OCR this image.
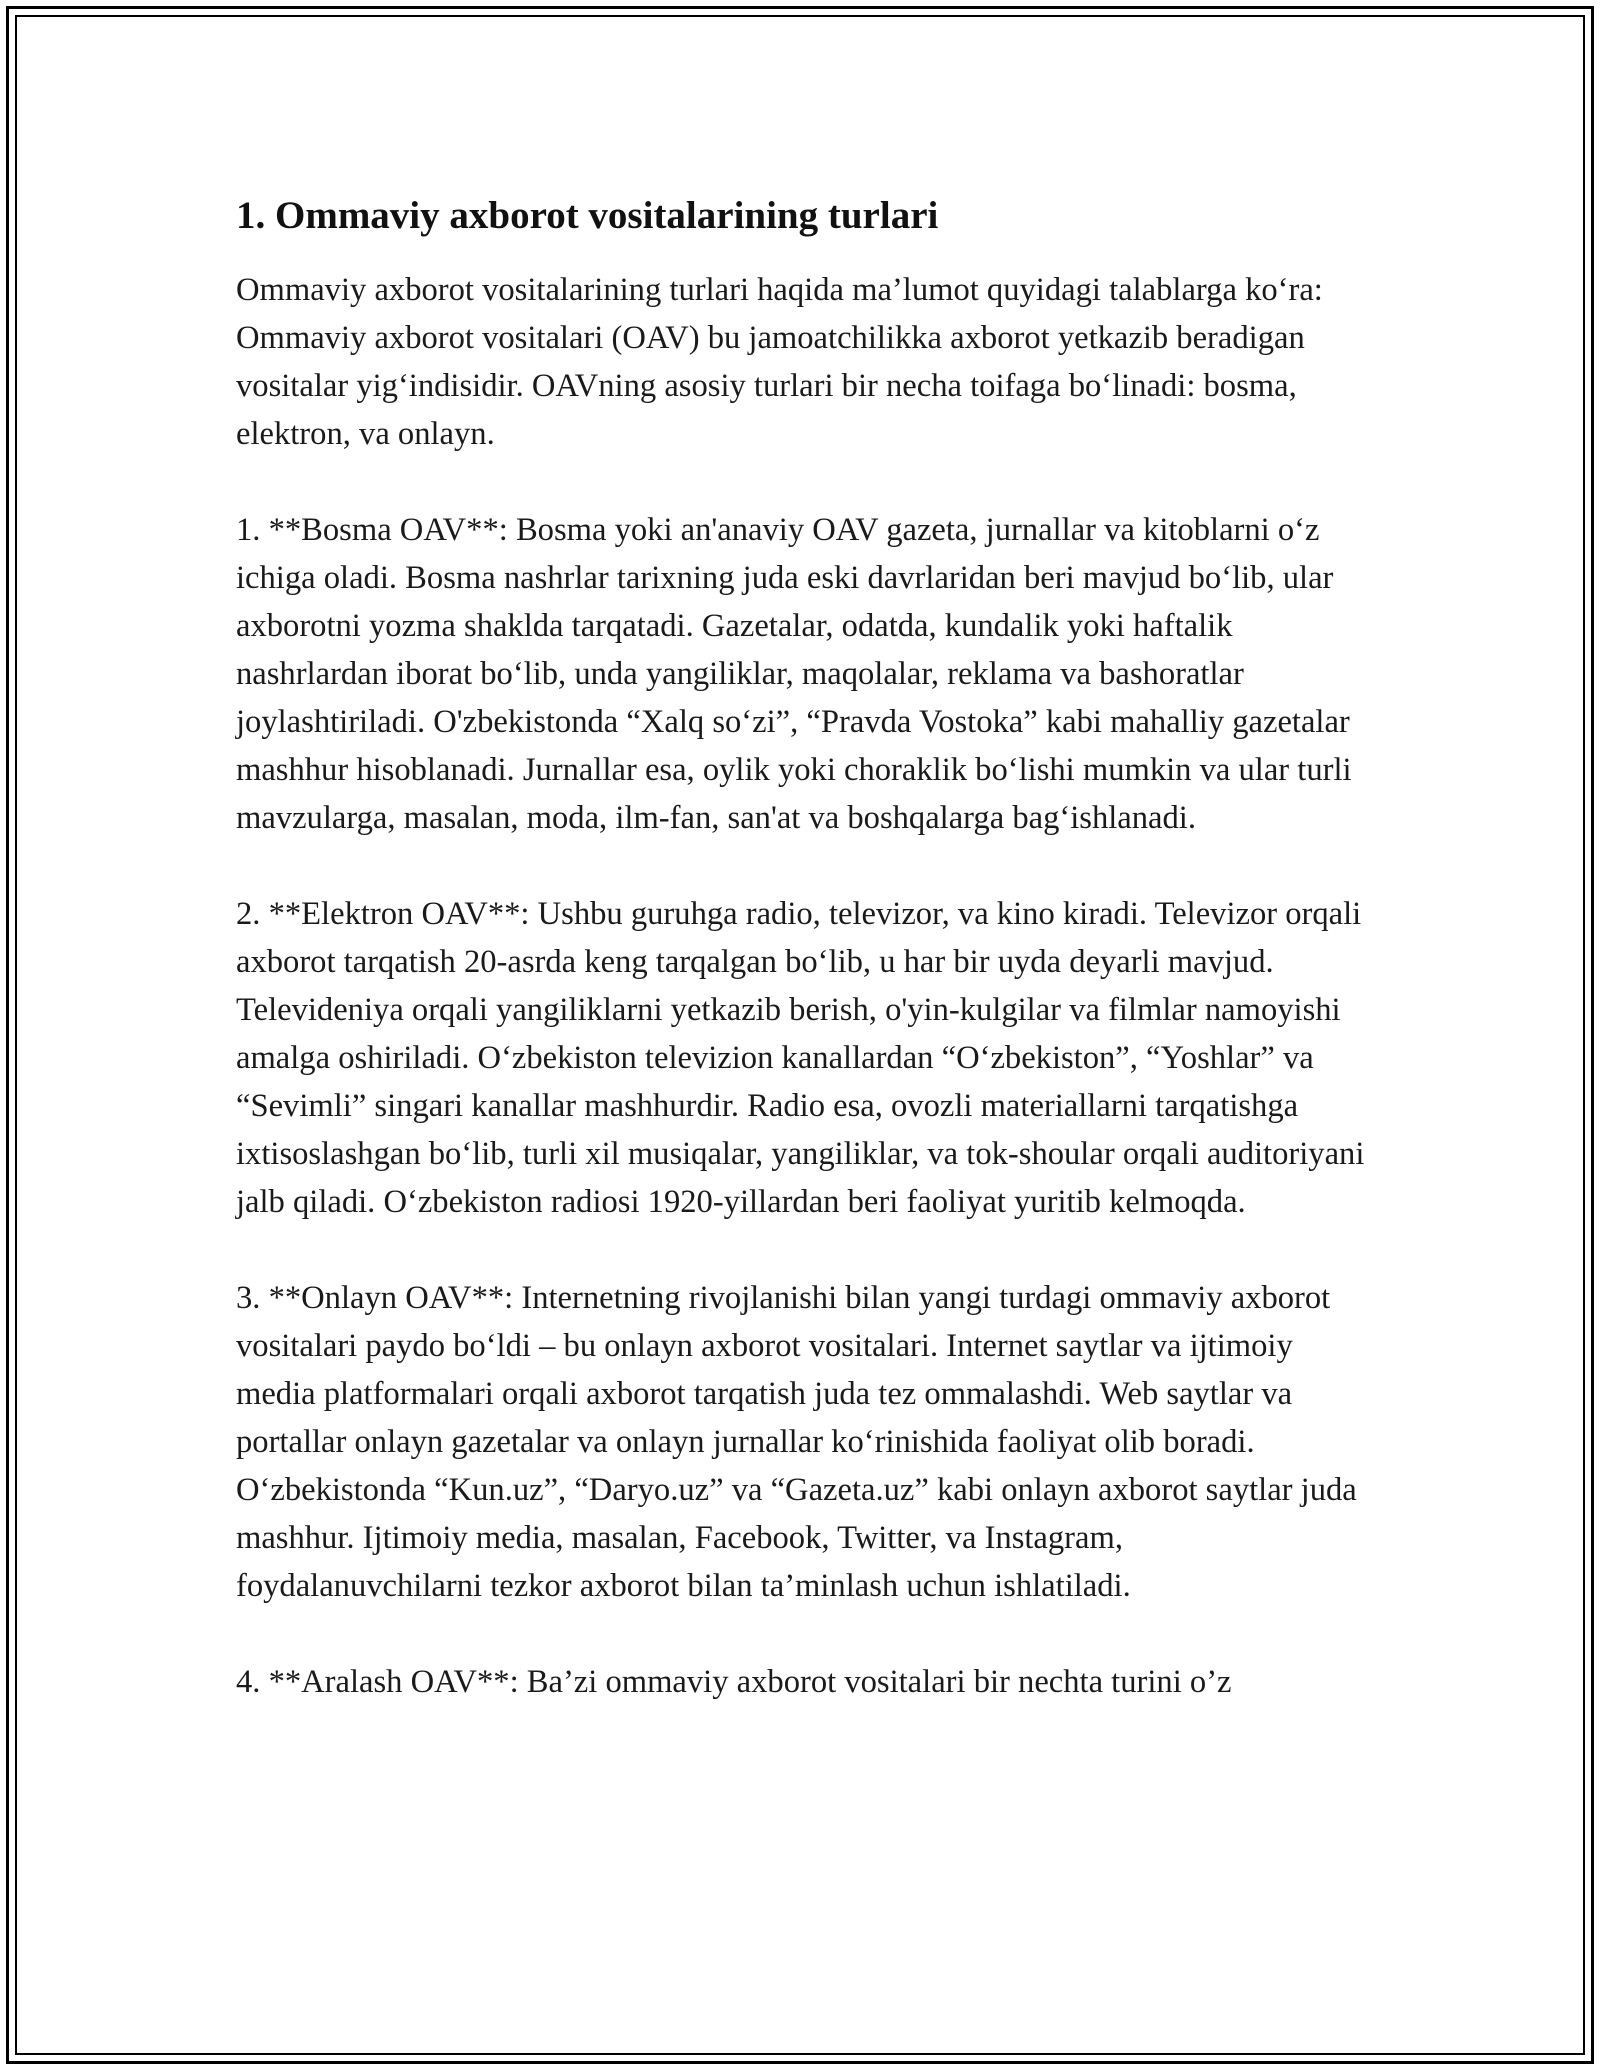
1. Ommaviy axborot vositalarining turlari

Ommaviy axborot vositalarining turlari haqida ma’lumot quyidagi talablarga ko‘ra: Ommaviy axborot vositalari (OAV) bu jamoatchilikka axborot yetkazib beradigan vositalar yig‘indisidir. OAVning asosiy turlari bir necha toifaga bo‘linadi: bosma, elektron, va onlayn.

1. **Bosma OAV**: Bosma yoki an'anaviy OAV gazeta, jurnallar va kitoblarni o‘z ichiga oladi. Bosma nashrlar tarixning juda eski davrlaridan beri mavjud bo‘lib, ular axborotni yozma shaklda tarqatadi. Gazetalar, odatda, kundalik yoki haftalik nashrlardan iborat bo‘lib, unda yangiliklar, maqolalar, reklama va bashoratlar joylashtiriladi. O'zbekistonda “Xalq so‘zi”, “Pravda Vostoka” kabi mahalliy gazetalar mashhur hisoblanadi. Jurnallar esa, oylik yoki choraklik bo‘lishi mumkin va ular turli mavzularga, masalan, moda, ilm-fan, san'at va boshqalarga bag‘ishlanadi.

2. **Elektron OAV**: Ushbu guruhga radio, televizor, va kino kiradi. Televizor orqali axborot tarqatish 20-asrda keng tarqalgan bo‘lib, u har bir uyda deyarli mavjud. Televideniya orqali yangiliklarni yetkazib berish, o'yin-kulgilar va filmlar namoyishi amalga oshiriladi. O‘zbekiston televizion kanallardan “O‘zbekiston”, “Yoshlar” va “Sevimli” singari kanallar mashhurdir. Radio esa, ovozli materiallarni tarqatishga ixtisoslashgan bo‘lib, turli xil musiqalar, yangiliklar, va tok-shoular orqali auditoriyani jalb qiladi. O‘zbekiston radiosi 1920-yillardan beri faoliyat yuritib kelmoqda.

3. **Onlayn OAV**: Internetning rivojlanishi bilan yangi turdagi ommaviy axborot vositalari paydo bo‘ldi – bu onlayn axborot vositalari. Internet saytlar va ijtimoiy media platformalari orqali axborot tarqatish juda tez ommalashdi. Web saytlar va portallar onlayn gazetalar va onlayn jurnallar ko‘rinishida faoliyat olib boradi. O‘zbekistonda “Kun.uz”, “Daryo.uz” va “Gazeta.uz” kabi onlayn axborot saytlar juda mashhur. Ijtimoiy media, masalan, Facebook, Twitter, va Instagram, foydalanuvchilarni tezkor axborot bilan ta’minlash uchun ishlatiladi.

4. **Aralash OAV**: Ba’zi ommaviy axborot vositalari bir nechta turini o’z
